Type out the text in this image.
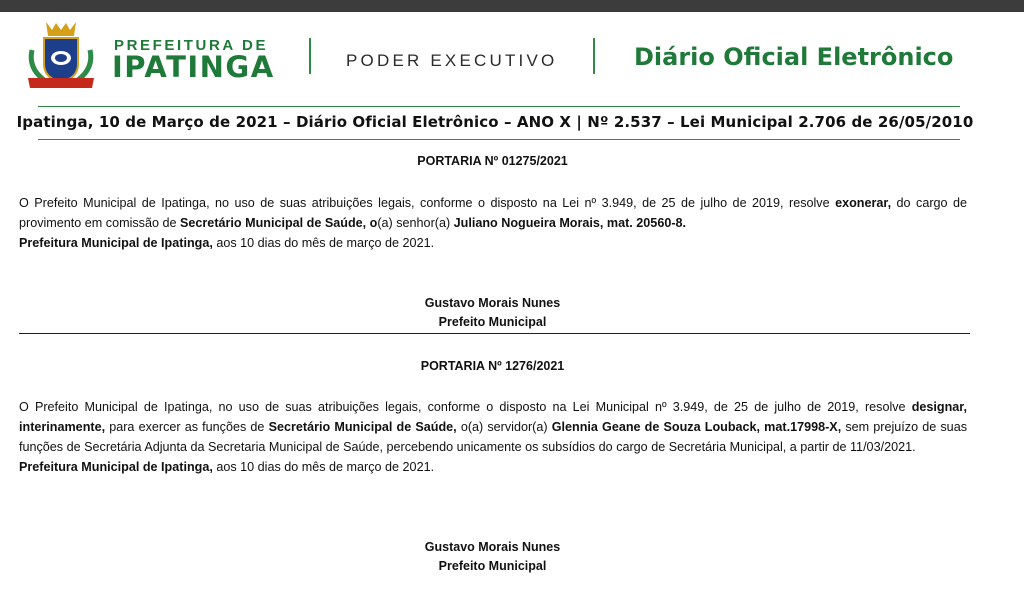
PREFEITURA DE
IPATINGA	PODER EXECUTIVO	Diário Oficial Eletrônico
Ipatinga, 10 de Março de 2021 – Diário Oficial Eletrônico – ANO X | Nº 2.537 – Lei Municipal 2.706 de 26/05/2010
PORTARIA Nº 01275/2021
O Prefeito Municipal de Ipatinga, no uso de suas atribuições legais, conforme o disposto na Lei nº 3.949, de 25 de julho de 2019, resolve exonerar, do cargo de provimento em comissão de Secretário Municipal de Saúde, o(a) senhor(a) Juliano Nogueira Morais, mat. 20560-8.
Prefeitura Municipal de Ipatinga, aos 10 dias do mês de março de 2021.
Gustavo Morais Nunes
Prefeito Municipal
PORTARIA Nº 1276/2021
O Prefeito Municipal de Ipatinga, no uso de suas atribuições legais, conforme o disposto na Lei Municipal nº 3.949, de 25 de julho de 2019, resolve designar, interinamente, para exercer as funções de Secretário Municipal de Saúde, o(a) servidor(a) Glennia Geane de Souza Louback, mat.17998-X, sem prejuízo de suas funções de Secretária Adjunta da Secretaria Municipal de Saúde, percebendo unicamente os subsídios do cargo de Secretária Municipal, a partir de 11/03/2021.
Prefeitura Municipal de Ipatinga, aos 10 dias do mês de março de 2021.
Gustavo Morais Nunes
Prefeito Municipal
